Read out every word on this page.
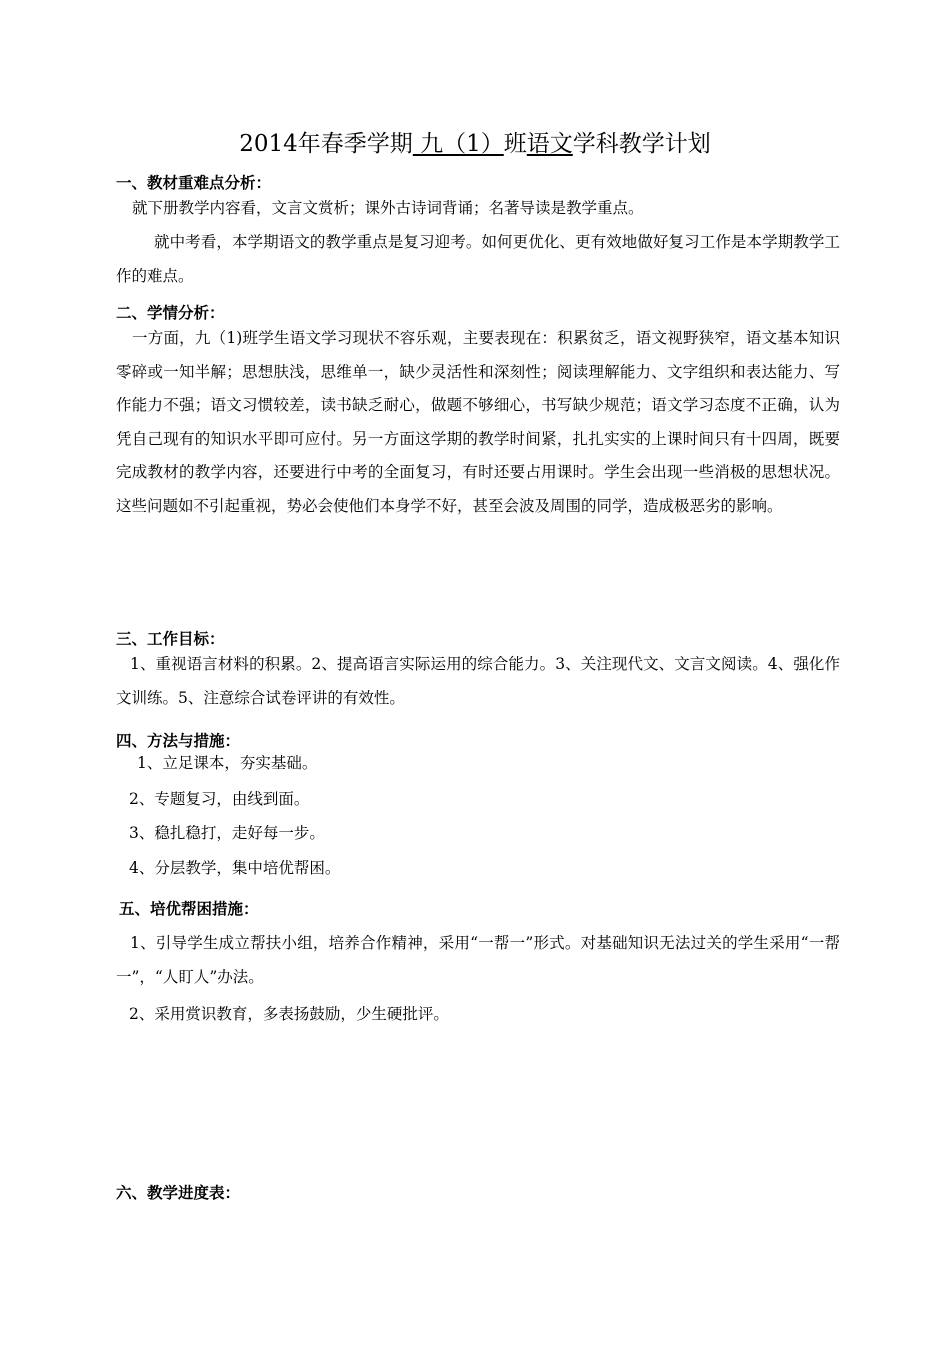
2014年春季学期 九（1）班语文学科教学计划
一、教材重难点分析：
就下册教学内容看，文言文赏析；课外古诗词背诵；名著导读是教学重点。
就中考看，本学期语文的教学重点是复习迎考。如何更优化、更有效地做好复习工作是本学期教学工作的难点。
二、学情分析：
一方面，九（1)班学生语文学习现状不容乐观，主要表现在：积累贫乏，语文视野狭窄，语文基本知识零碎或一知半解；思想肤浅，思维单一，缺少灵活性和深刻性；阅读理解能力、文字组织和表达能力、写作能力不强；语文习惯较差，读书缺乏耐心，做题不够细心，书写缺少规范；语文学习态度不正确，认为凭自己现有的知识水平即可应付。另一方面这学期的教学时间紧，扎扎实实的上课时间只有十四周，既要完成教材的教学内容，还要进行中考的全面复习，有时还要占用课时。学生会出现一些消极的思想状况。这些问题如不引起重视，势必会使他们本身学不好，甚至会波及周围的同学，造成极恶劣的影响。
三、工作目标：
1、重视语言材料的积累。2、提高语言实际运用的综合能力。3、关注现代文、文言文阅读。4、强化作文训练。5、注意综合试卷评讲的有效性。
四、方法与措施：
1、立足课本，夯实基础。
2、专题复习，由线到面。
3、稳扎稳打，走好每一步。
4、分层教学，集中培优帮困。
五、培优帮困措施：
1、引导学生成立帮扶小组，培养合作精神，采用“一帮一”形式。对基础知识无法过关的学生采用“一帮一”，“人盯人”办法。
2、采用赏识教育，多表扬鼓励，少生硬批评。
六、教学进度表：
